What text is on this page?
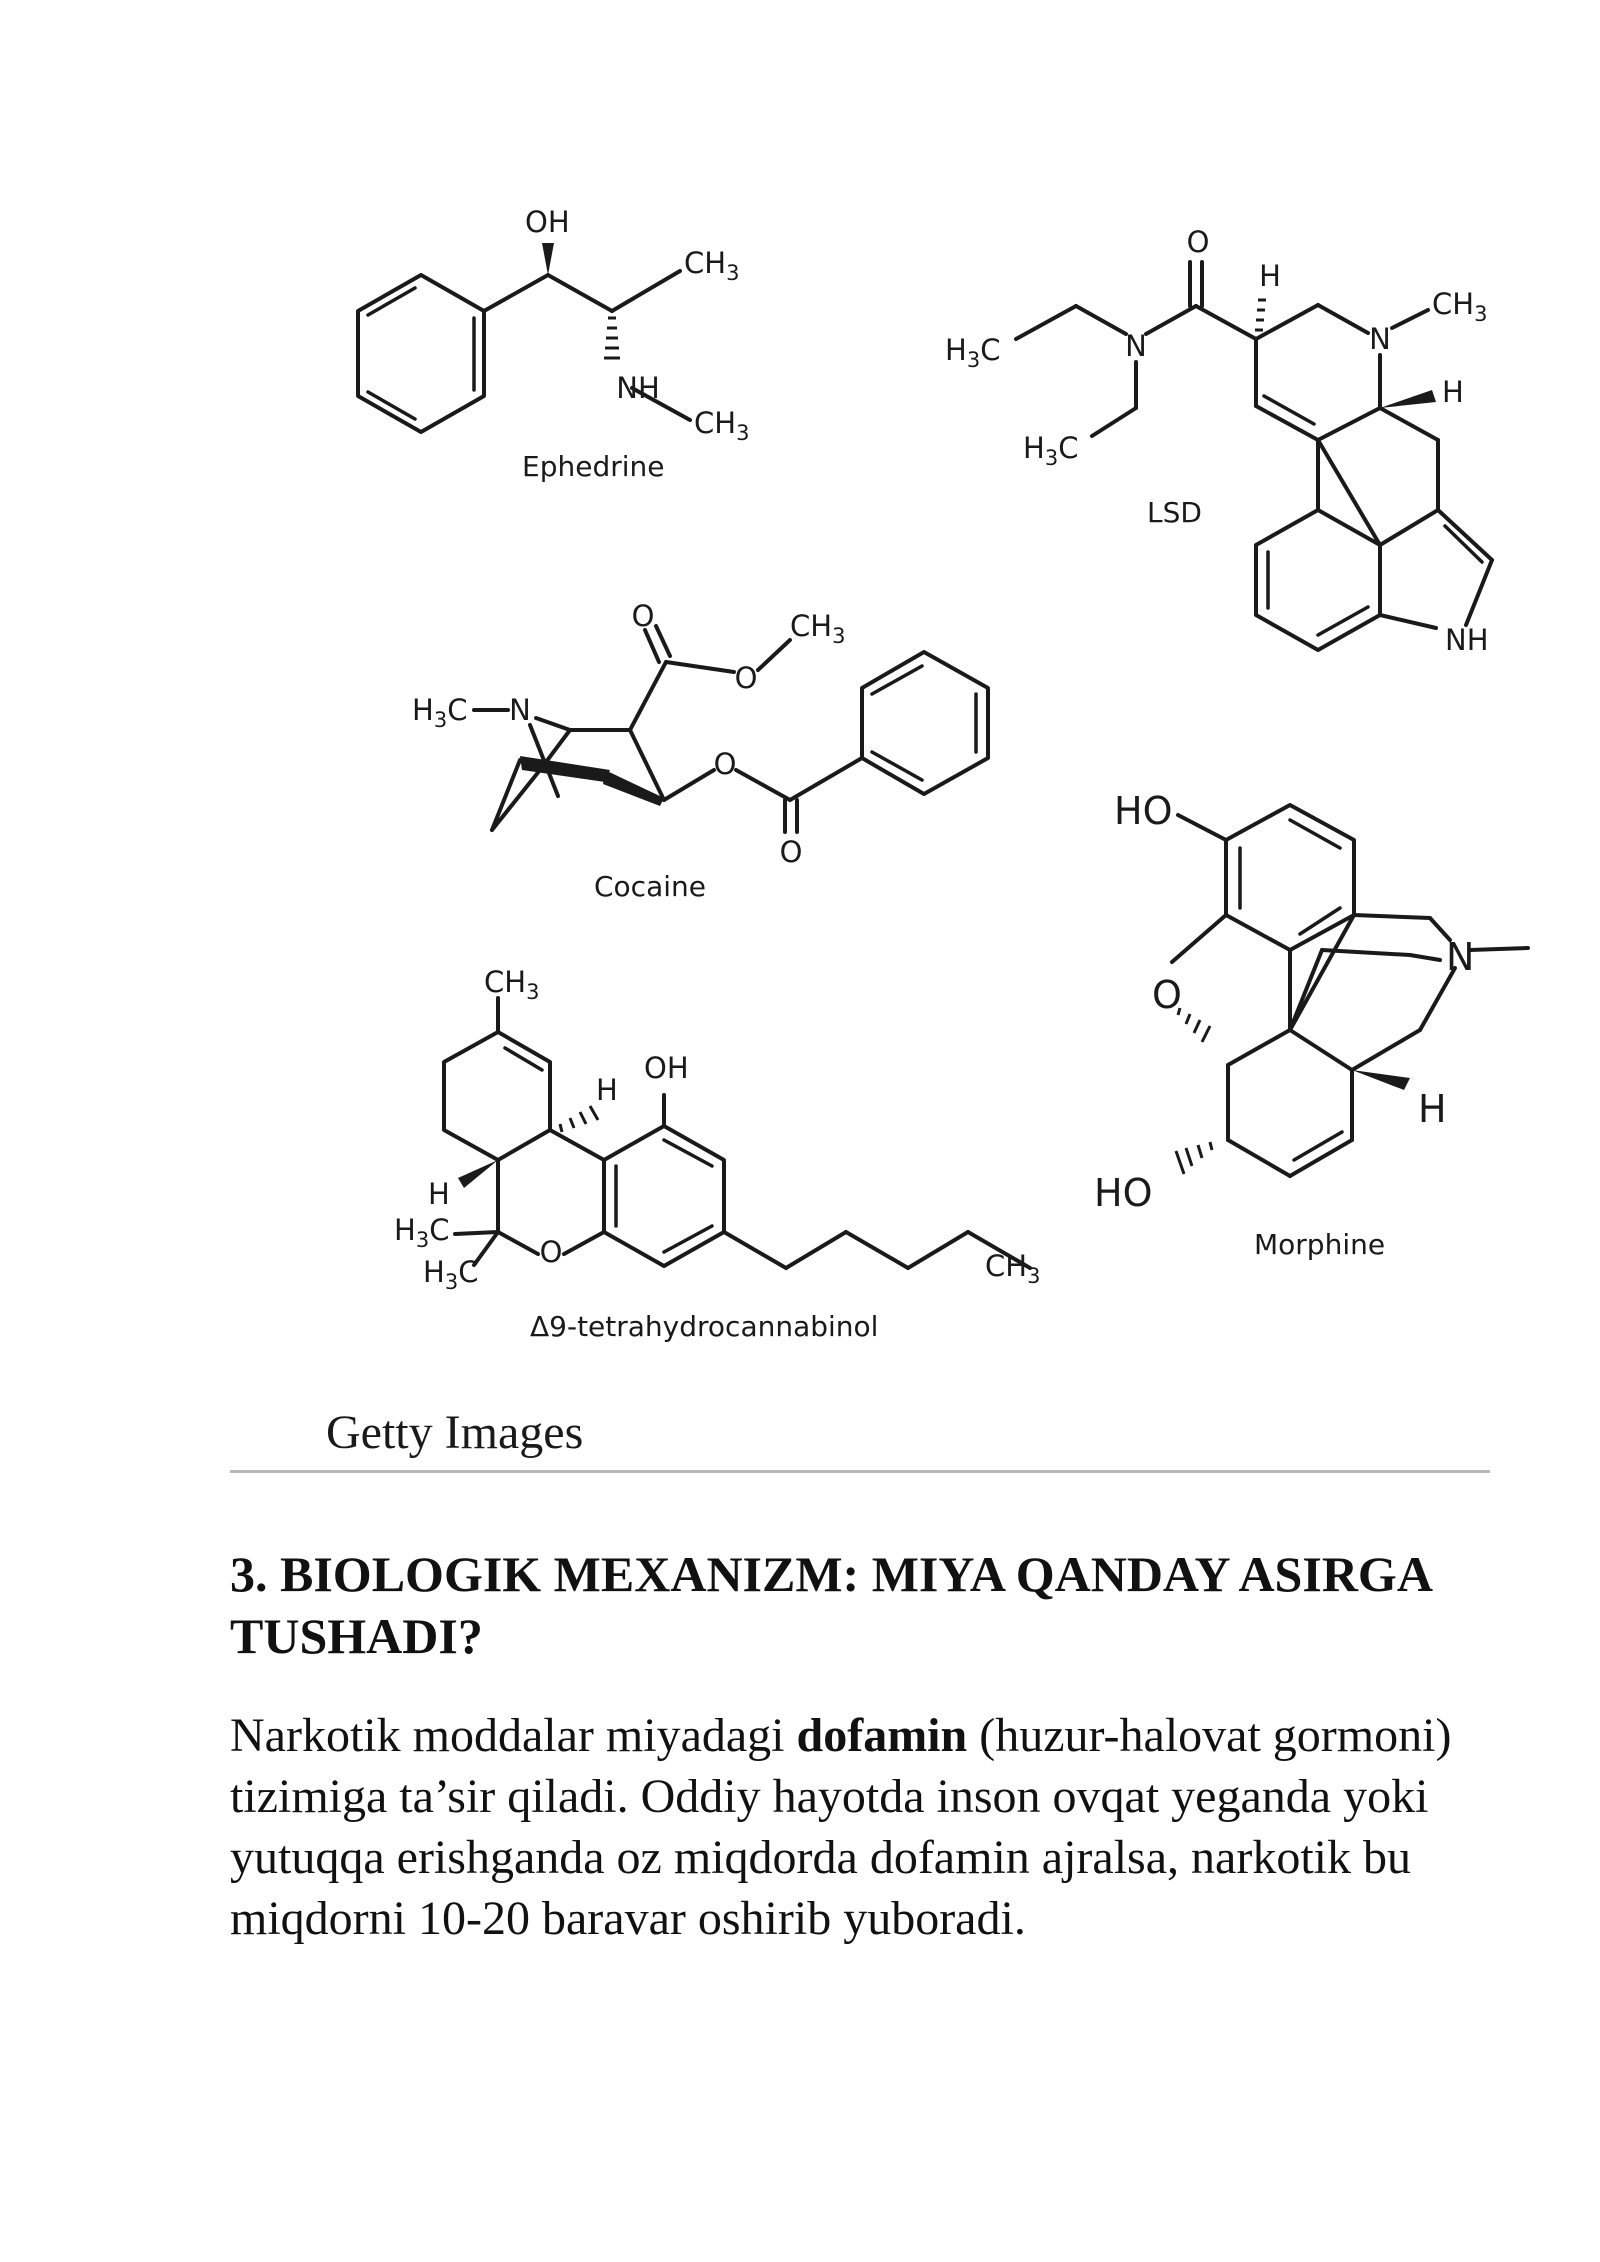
OH
NH
$CH_3$
$CH_3$
Ephedrine
O
H
N	N
$CH_3$
H
$H_3C$
$H_3C$
NH
LSD
$H_3C$ N
O
O
$CH_3$
O
O
Cocaine
HO
O
N
H
HO
Morphine
$CH_3$
H
OH
H
$H_3C$
$H_3C$
O	$CH_3$
Δ9-tetrahydrocannabinol
Getty Images
3. BIOLOGIK MEXANIZM: MIYA QANDAY ASIRGA TUSHADI?

Narkotik moddalar miyadagi dofamin (huzur-halovat gormoni) tizimiga ta’sir qiladi. Oddiy hayotda inson ovqat yeganda yoki yutuqqa erishganda oz miqdorda dofamin ajralsa, narkotik bu miqdorni 10-20 baravar oshirib yuboradi.
